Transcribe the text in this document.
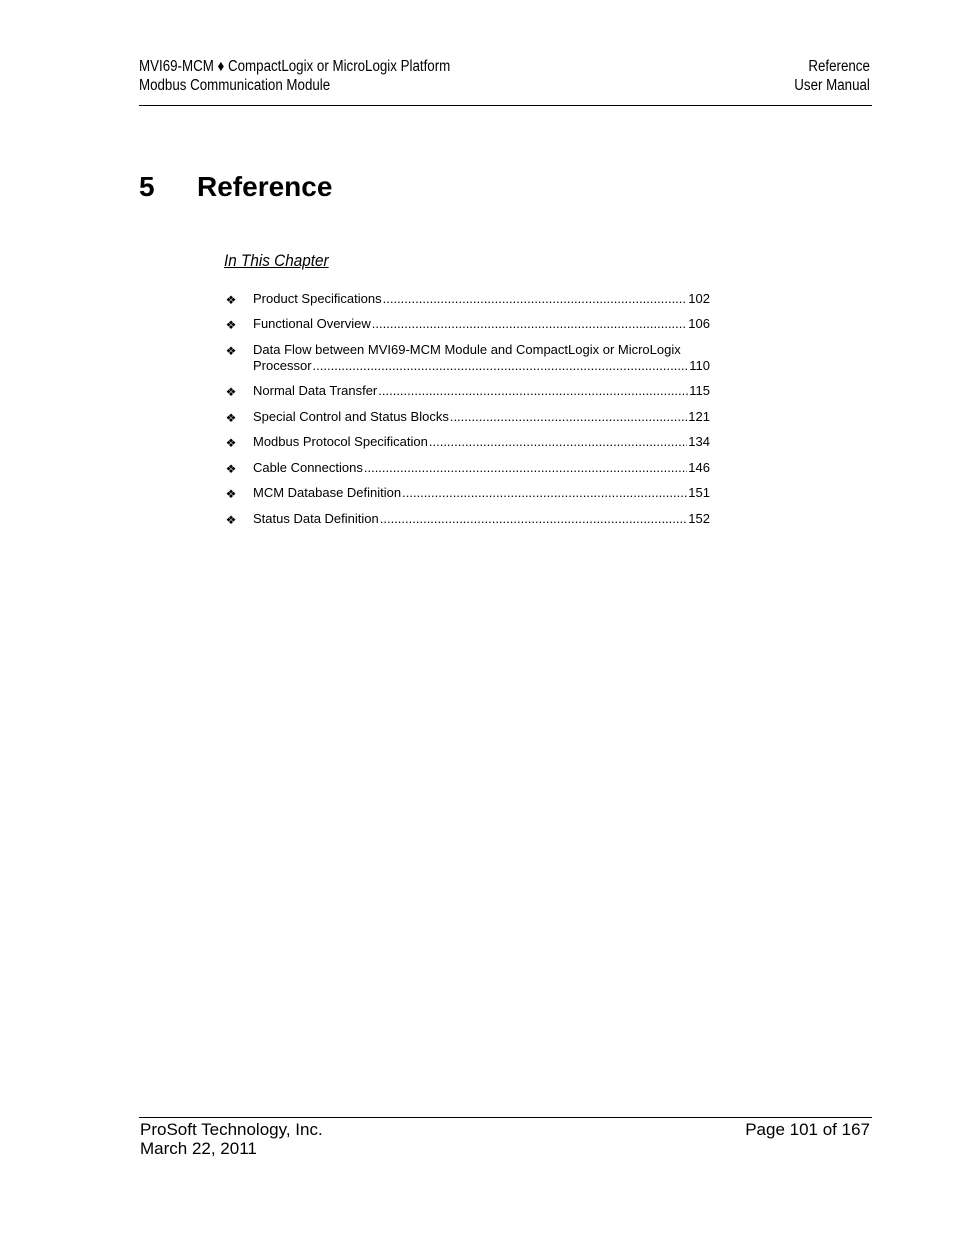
MVI69-MCM ♦ CompactLogix or MicroLogix Platform
Modbus Communication Module
Reference
User Manual
5 Reference
In This Chapter
❖ Product Specifications .....	102
❖ Functional Overview .....	106
❖ Data Flow between MVI69-MCM Module and CompactLogix or MicroLogix
Processor .....	110
❖ Normal Data Transfer .....	115
❖ Special Control and Status Blocks .....	121
❖ Modbus Protocol Specification .....	134
❖ Cable Connections .....	146
❖ MCM Database Definition .....	151
❖ Status Data Definition .....	152
ProSoft Technology, Inc.
March 22, 2011
Page 101 of 167
